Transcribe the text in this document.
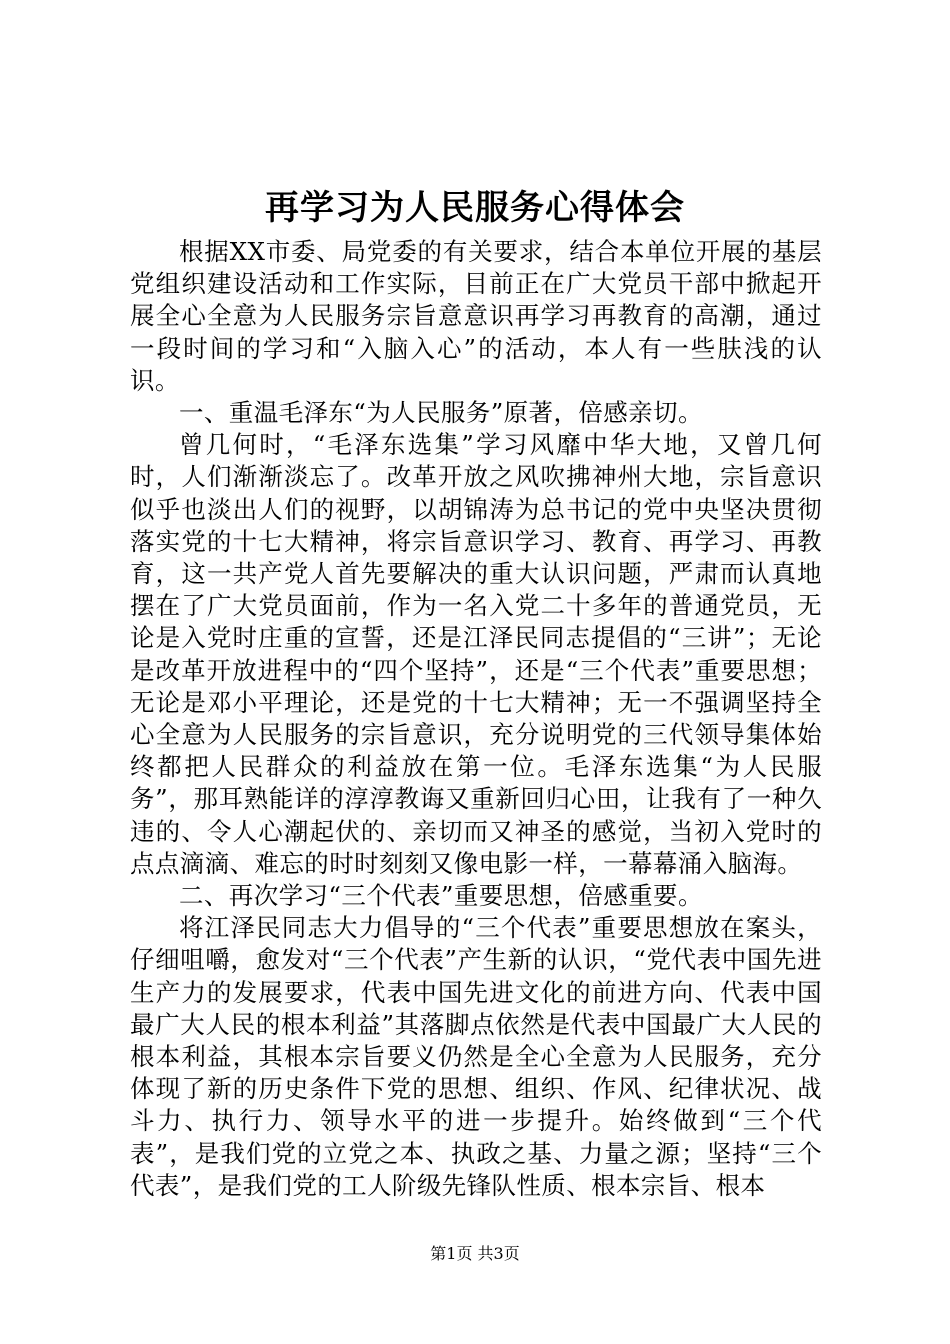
再学习为人民服务心得体会

根据XX市委、局党委的有关要求，结合本单位开展的基层党组织建设活动和工作实际，目前正在广大党员干部中掀起开展全心全意为人民服务宗旨意意识再学习再教育的高潮，通过一段时间的学习和“入脑入心”的活动，本人有一些肤浅的认识。

一、重温毛泽东“为人民服务”原著，倍感亲切。

曾几何时，“毛泽东选集”学习风靡中华大地，又曾几何时，人们渐渐淡忘了。改革开放之风吹拂神州大地，宗旨意识似乎也淡出人们的视野，以胡锦涛为总书记的党中央坚决贯彻落实党的十七大精神，将宗旨意识学习、教育、再学习、再教育，这一共产党人首先要解决的重大认识问题，严肃而认真地摆在了广大党员面前，作为一名入党二十多年的普通党员，无论是入党时庄重的宣誓，还是江泽民同志提倡的“三讲”；无论是改革开放进程中的“四个坚持”，还是“三个代表”重要思想；无论是邓小平理论，还是党的十七大精神；无一不强调坚持全心全意为人民服务的宗旨意识，充分说明党的三代领导集体始终都把人民群众的利益放在第一位。毛泽东选集“为人民服务”，那耳熟能详的淳淳教诲又重新回归心田，让我有了一种久违的、令人心潮起伏的、亲切而又神圣的感觉，当初入党时的点点滴滴、难忘的时时刻刻又像电影一样，一幕幕涌入脑海。

二、再次学习“三个代表”重要思想，倍感重要。

将江泽民同志大力倡导的“三个代表”重要思想放在案头，仔细咀嚼，愈发对“三个代表”产生新的认识，“党代表中国先进生产力的发展要求，代表中国先进文化的前进方向、代表中国最广大人民的根本利益”其落脚点依然是代表中国最广大人民的根本利益，其根本宗旨要义仍然是全心全意为人民服务，充分体现了新的历史条件下党的思想、组织、作风、纪律状况、战斗力、执行力、领导水平的进一步提升。始终做到“三个代表”，是我们党的立党之本、执政之基、力量之源；坚持“三个代表”，是我们党的工人阶级先锋队性质、根本宗旨、根本

第1页 共3页
